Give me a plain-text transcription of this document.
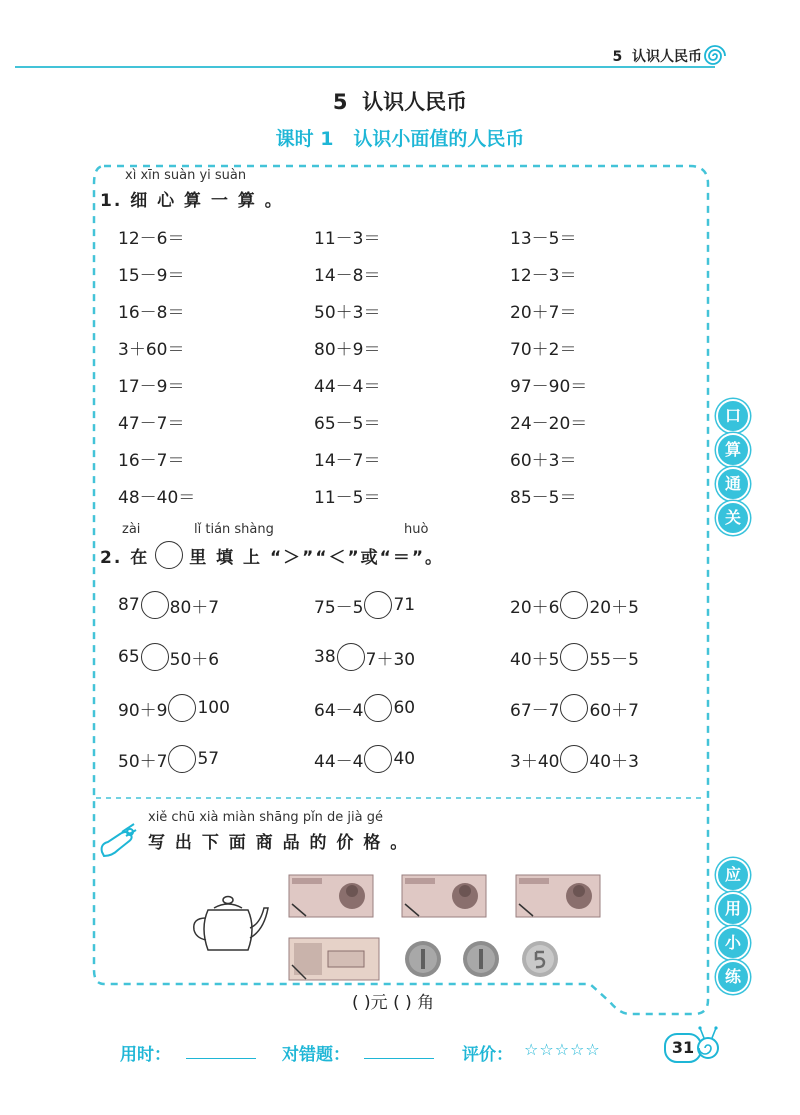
5  认识人民币
5  认识人民币
课时 1   认识小面值的人民币
xì xīn suàn yi suàn
1. 细 心 算 一 算 。
12－6＝	11－3＝	13－5＝
15－9＝	14－8＝	12－3＝
16－8＝	50＋3＝	20＋7＝
3＋60＝	80＋9＝	70＋2＝
17－9＝	44－4＝	97－90＝
47－7＝	65－5＝	24－20＝
16－7＝	14－7＝	60＋3＝
48－40＝	11－5＝	85－5＝
zài	lǐ tián shàng	huò
2. 在 里 填 上 “＞”“＜”或“＝”。
87 80＋7	75－5 71	20＋6 20＋5
65 50＋6	38 7＋30	40＋5 55－5
90＋9 100	64－4 60	67－7 60＋7
50＋7 57	44－4 40	3＋40 40＋3
口
算
通
关
应
用
小
练
xiě chū xià miàn shāng pǐn de jià gé
写 出 下 面 商 品 的 价 格 。
( )元 ( ) 角
用时：	对错题：	评价： ☆☆☆☆☆	31
